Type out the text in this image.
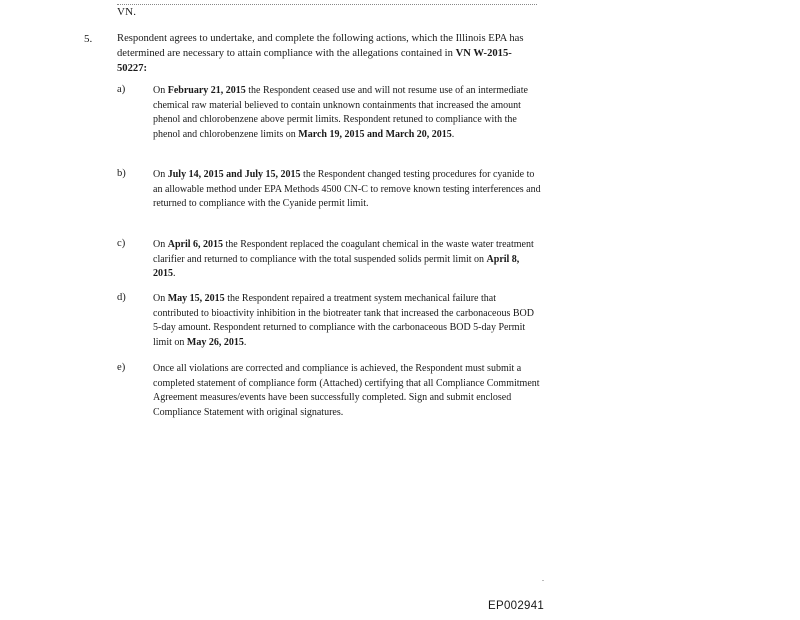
VN.
5. Respondent agrees to undertake, and complete the following actions, which the Illinois EPA has determined are necessary to attain compliance with the allegations contained in VN W-2015-50227:
a)	On February 21, 2015 the Respondent ceased use and will not resume use of an intermediate chemical raw material believed to contain unknown containments that increased the amount phenol and chlorobenzene above permit limits. Respondent retuned to compliance with the phenol and chlorobenzene limits on March 19, 2015 and March 20, 2015.
b)	On July 14, 2015 and July 15, 2015 the Respondent changed testing procedures for cyanide to an allowable method under EPA Methods 4500 CN-C to remove known testing interferences and returned to compliance with the Cyanide permit limit.
c)	On April 6, 2015 the Respondent replaced the coagulant chemical in the waste water treatment clarifier and returned to compliance with the total suspended solids permit limit on April 8, 2015.
d)	On May 15, 2015 the Respondent repaired a treatment system mechanical failure that contributed to bioactivity inhibition in the biotreater tank that increased the carbonaceous BOD 5-day amount. Respondent returned to compliance with the carbonaceous BOD 5-day Permit limit on May 26, 2015.
e)	Once all violations are corrected and compliance is achieved, the Respondent must submit a completed statement of compliance form (Attached) certifying that all Compliance Commitment Agreement measures/events have been successfully completed. Sign and submit enclosed Compliance Statement with original signatures.
EP002941
